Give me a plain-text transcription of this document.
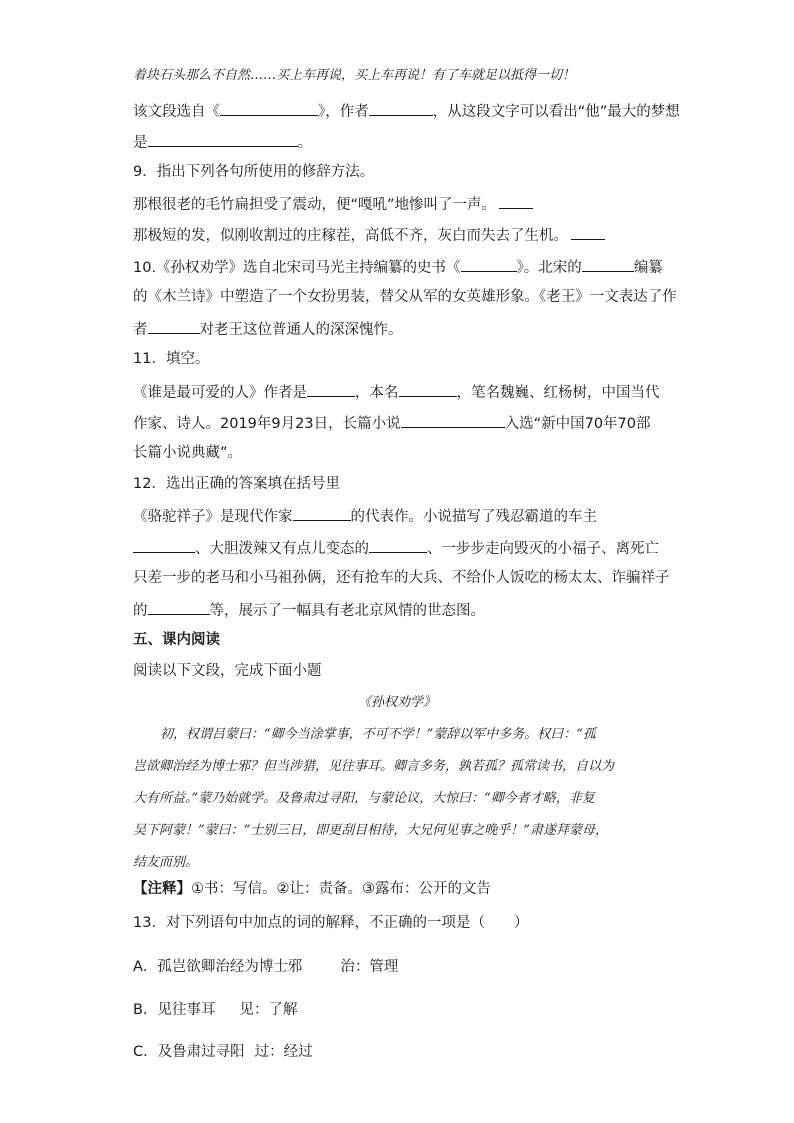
着块石头那么不自然……买上车再说，买上车再说！有了车就足以抵得一切！
该文段选自《	》，作者	，从这段文字可以看出“他”最大的梦想
是	。
9．指出下列各句所使用的修辞方法。
那根很老的毛竹扁担受了震动，便“嘎吼”地惨叫了一声。
那极短的发，似刚收割过的庄稼茬，高低不齐，灰白而失去了生机。
10.《孙权劝学》选自北宋司马光主持编纂的史书《	》。北宋的	编纂
的《木兰诗》中塑造了一个女扮男装，替父从军的女英雄形象。《老王》一文表达了作
者	对老王这位普通人的深深愧怍。
11．填空。
《谁是最可爱的人》作者是	，本名	，笔名魏巍、红杨树，中国当代
作家、诗人。2019年9月23日，长篇小说	入选“新中国70年70部
长篇小说典藏”。
12．选出正确的答案填在括号里
《骆驼祥子》是现代作家	的代表作。小说描写了残忍霸道的车主
、大胆泼辣又有点儿变态的	、一步步走向毁灭的小福子、离死亡
只差一步的老马和小马祖孙俩，还有抢车的大兵、不给仆人饭吃的杨太太、诈骗祥子
的	等，展示了一幅具有老北京风情的世态图。
五、课内阅读
阅读以下文段，完成下面小题
《孙权劝学》
初，权谓吕蒙曰：“卿今当涂掌事，不可不学！”蒙辞以军中多务。权曰：“孤
岂欲卿治经为博士邪？但当涉猎，见往事耳。卿言多务，孰若孤？孤常读书，自以为
大有所益。”蒙乃始就学。及鲁肃过寻阳，与蒙论议，大惊曰：“卿今者才略，非复
吴下阿蒙！”蒙曰：“士别三日，即更刮目相待，大兄何见事之晚乎！”肃遂拜蒙母，
结友而别。
【注释】①书：写信。②让：责备。③露布：公开的文告
13．对下列语句中加点的词的解释，不正确的一项是（　　）
A．孤岂欲卿治经为博士邪	治：管理
B．见往事耳 见：了解
C．及鲁肃过寻阳 过：经过
